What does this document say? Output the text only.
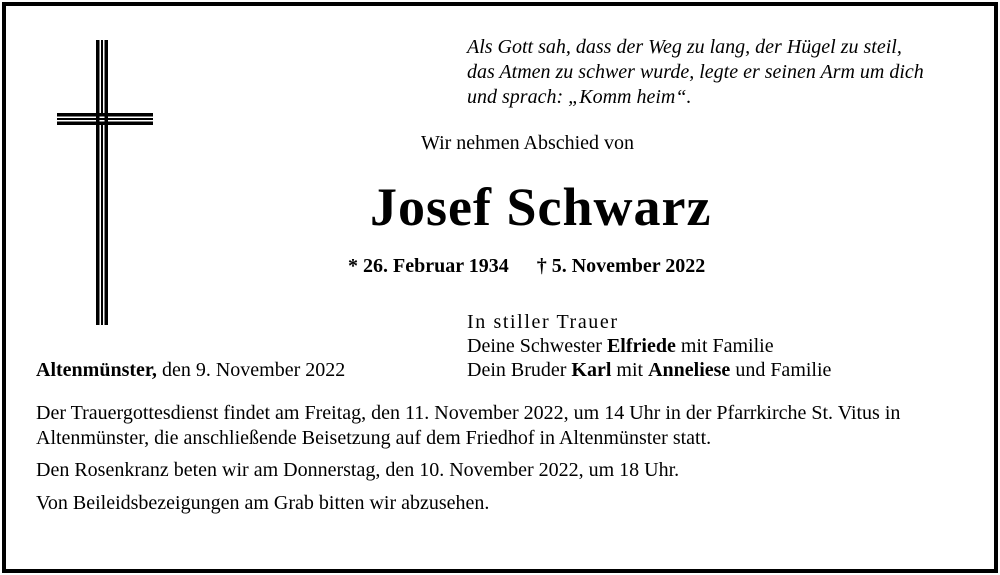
Als Gott sah, dass der Weg zu lang, der Hügel zu steil,
das Atmen zu schwer wurde, legte er seinen Arm um dich
und sprach: „Komm heim“.
Wir nehmen Abschied von
Josef Schwarz
* 26. Februar 1934 † 5. November 2022
In stiller Trauer
Deine Schwester Elfriede mit Familie
Dein Bruder Karl mit Anneliese und Familie
Altenmünster, den 9. November 2022

Der Trauergottesdienst findet am Freitag, den 11. November 2022, um 14 Uhr in der Pfarrkirche St. Vitus in Altenmünster, die anschließende Beisetzung auf dem Friedhof in Altenmünster statt.

Den Rosenkranz beten wir am Donnerstag, den 10. November 2022, um 18 Uhr.

Von Beileidsbezeigungen am Grab bitten wir abzusehen.
